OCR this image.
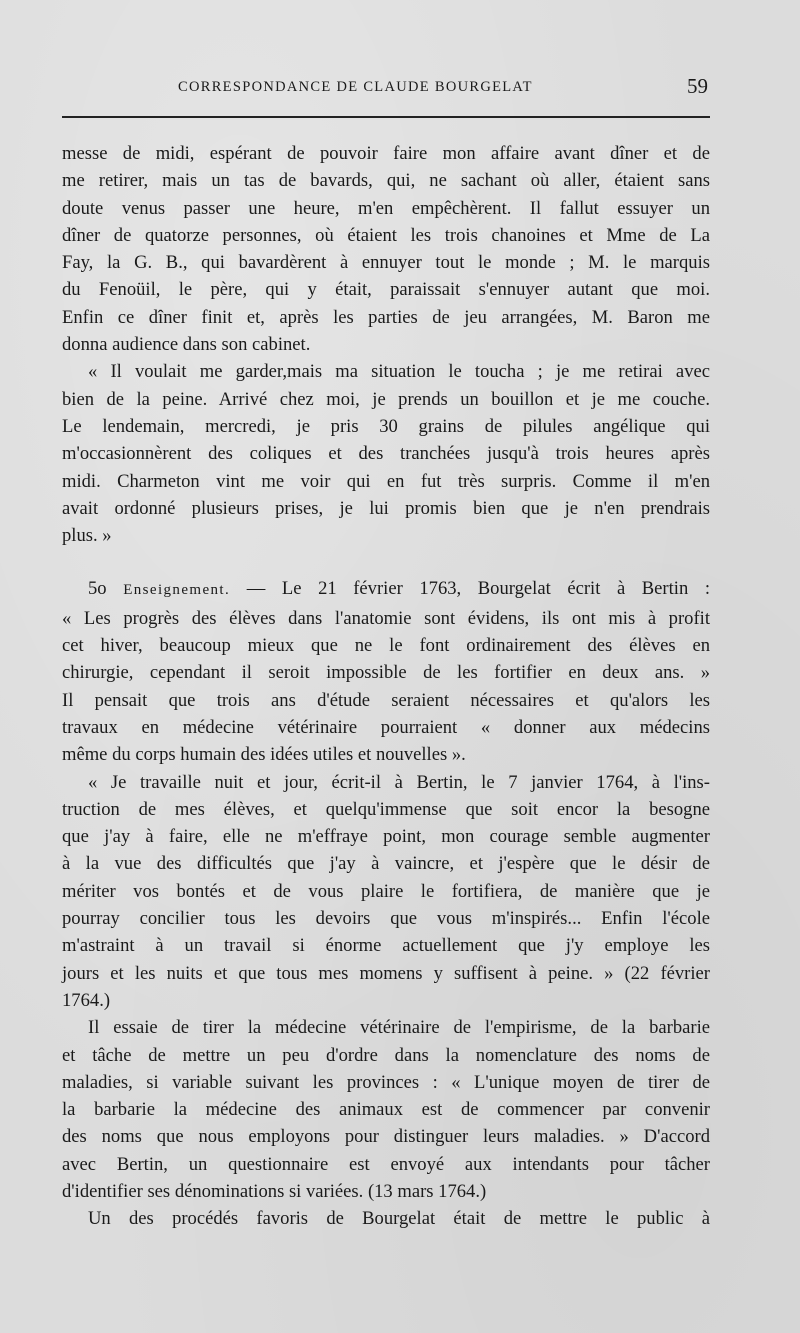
CORRESPONDANCE DE CLAUDE BOURGELAT	59

messe de midi, espérant de pouvoir faire mon affaire avant dîner et de

me retirer, mais un tas de bavards, qui, ne sachant où aller, étaient sans

doute venus passer une heure, m'en empêchèrent. Il fallut essuyer un

dîner de quatorze personnes, où étaient les trois chanoines et Mme de La

Fay, la G. B., qui bavardèrent à ennuyer tout le monde ; M. le marquis

du Fenoüil, le père, qui y était, paraissait s'ennuyer autant que moi.

Enfin ce dîner finit et, après les parties de jeu arrangées, M. Baron me

donna audience dans son cabinet.

« Il voulait me garder,mais ma situation le toucha ; je me retirai avec

bien de la peine. Arrivé chez moi, je prends un bouillon et je me couche.

Le lendemain, mercredi, je pris 30 grains de pilules angélique qui

m'occasionnèrent des coliques et des tranchées jusqu'à trois heures après

midi. Charmeton vint me voir qui en fut très surpris. Comme il m'en

avait ordonné plusieurs prises, je lui promis bien que je n'en prendrais

plus. »

5o Enseignement. — Le 21 février 1763, Bourgelat écrit à Bertin :

« Les progrès des élèves dans l'anatomie sont évidens, ils ont mis à profit

cet hiver, beaucoup mieux que ne le font ordinairement des élèves en

chirurgie, cependant il seroit impossible de les fortifier en deux ans. »

Il pensait que trois ans d'étude seraient nécessaires et qu'alors les

travaux en médecine vétérinaire pourraient « donner aux médecins

même du corps humain des idées utiles et nouvelles ».

« Je travaille nuit et jour, écrit-il à Bertin, le 7 janvier 1764, à l'ins-

truction de mes élèves, et quelqu'immense que soit encor la besogne

que j'ay à faire, elle ne m'effraye point, mon courage semble augmenter

à la vue des difficultés que j'ay à vaincre, et j'espère que le désir de

mériter vos bontés et de vous plaire le fortifiera, de manière que je

pourray concilier tous les devoirs que vous m'inspirés... Enfin l'école

m'astraint à un travail si énorme actuellement que j'y employe les

jours et les nuits et que tous mes momens y suffisent à peine. » (22 février

1764.)

Il essaie de tirer la médecine vétérinaire de l'empirisme, de la barbarie

et tâche de mettre un peu d'ordre dans la nomenclature des noms de

maladies, si variable suivant les provinces : « L'unique moyen de tirer de

la barbarie la médecine des animaux est de commencer par convenir

des noms que nous employons pour distinguer leurs maladies. » D'accord

avec Bertin, un questionnaire est envoyé aux intendants pour tâcher

d'identifier ses dénominations si variées. (13 mars 1764.)

Un des procédés favoris de Bourgelat était de mettre le public à
